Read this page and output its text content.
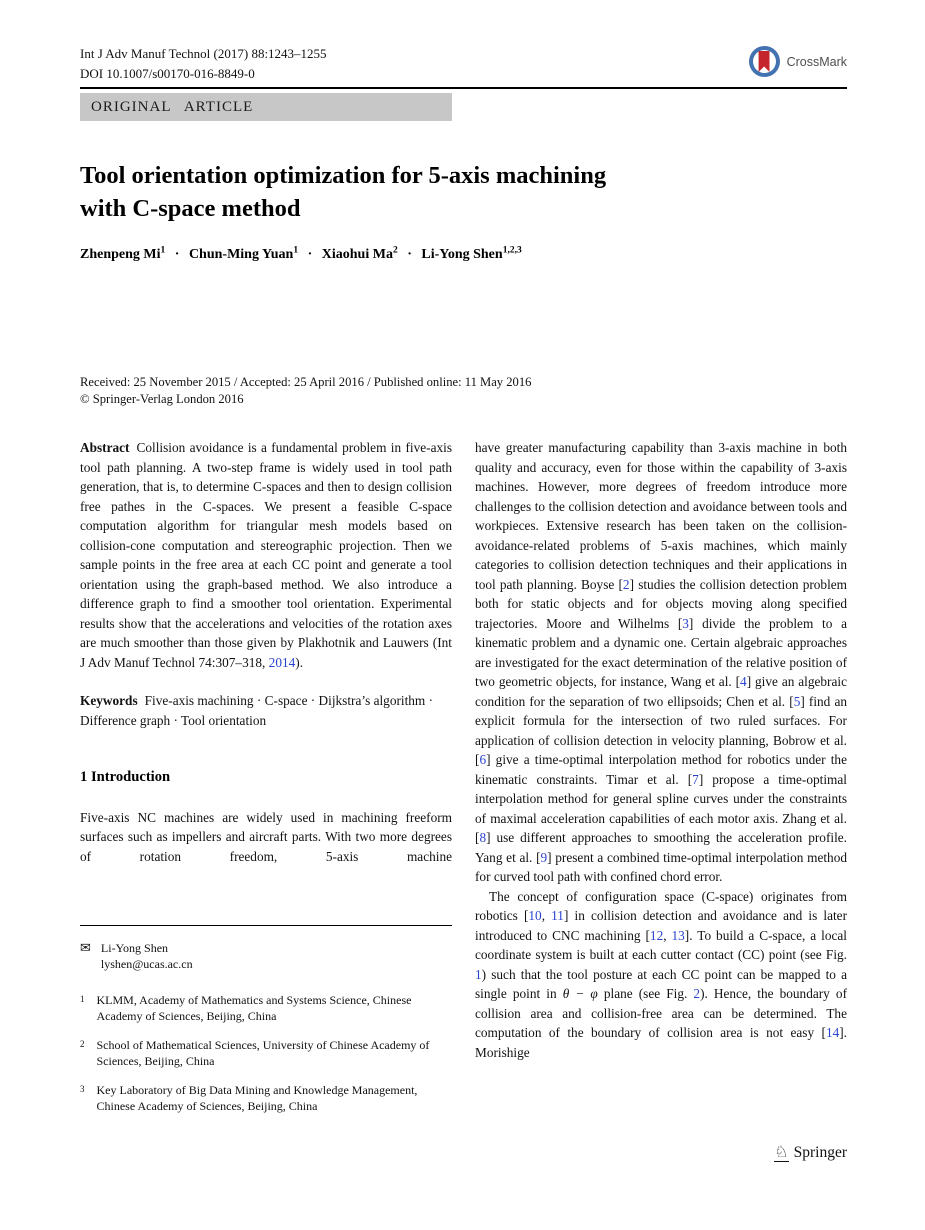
Int J Adv Manuf Technol (2017) 88:1243–1255
DOI 10.1007/s00170-016-8849-0
CrossMark
ORIGINAL ARTICLE
Tool orientation optimization for 5-axis machining
with C-space method
Zhenpeng $Mi^1$ · Chun-Ming Yuan$^1$ · Xiaohui $Ma^2$ · Li-Yong Shen$^{1,2,3}$
Received: 25 November 2015 / Accepted: 25 April 2016 / Published online: 11 May 2016
© Springer-Verlag London 2016

Abstract Collision avoidance is a fundamental problem in five-axis tool path planning. A two-step frame is widely used in tool path generation, that is, to determine C-spaces and then to design collision free pathes in the C-spaces. We present a feasible C-space computation algorithm for triangular mesh models based on collision-cone computation and stereographic projection. Then we sample points in the free area at each CC point and generate a tool orientation using the graph-based method. We also introduce a difference graph to find a smoother tool orientation. Experimental results show that the accelerations and velocities of the rotation axes are much smoother than those given by Plakhotnik and Lauwers (Int J Adv Manuf Technol 74:307–318, 2014).

Keywords Five-axis machining · C-space · Dijkstra’s algorithm · Difference graph · Tool orientation

1 Introduction

Five-axis NC machines are widely used in machining freeform surfaces such as impellers and aircraft parts. With two more degrees of rotation freedom, 5-axis machine

✉ Li-Yong Shen
lyshen@ucas.ac.cn
1 KLMM, Academy of Mathematics and Systems Science, Chinese Academy of Sciences, Beijing, China
2 School of Mathematical Sciences, University of Chinese Academy of Sciences, Beijing, China
3 Key Laboratory of Big Data Mining and Knowledge Management, Chinese Academy of Sciences, Beijing, China

have greater manufacturing capability than 3-axis machine in both quality and accuracy, even for those within the capability of 3-axis machines. However, more degrees of freedom introduce more challenges to the collision detection and avoidance between tools and workpieces. Extensive research has been taken on the collision-avoidance-related problems of 5-axis machines, which mainly categories to collision detection techniques and their applications in tool path planning. Boyse [2] studies the collision detection problem both for static objects and for objects moving along specified trajectories. Moore and Wilhelms [3] divide the problem to a kinematic problem and a dynamic one. Certain algebraic approaches are investigated for the exact determination of the relative position of two geometric objects, for instance, Wang et al. [4] give an algebraic condition for the separation of two ellipsoids; Chen et al. [5] find an explicit formula for the intersection of two ruled surfaces. For application of collision detection in velocity planning, Bobrow et al. [6] give a time-optimal interpolation method for robotics under the kinematic constraints. Timar et al. [7] propose a time-optimal interpolation method for general spline curves under the constraints of maximal acceleration capabilities of each motor axis. Zhang et al. [8] use different approaches to smoothing the acceleration profile. Yang et al. [9] present a combined time-optimal interpolation method for curved tool path with confined chord error.

The concept of configuration space (C-space) originates from robotics [10, 11] in collision detection and avoidance and is later introduced to CNC machining [12, 13]. To build a C-space, a local coordinate system is built at each cutter contact (CC) point (see Fig. 1) such that the tool posture at each CC point can be mapped to a single point in θ − φ plane (see Fig. 2). Hence, the boundary of collision area and collision-free area can be determined. The computation of the boundary of collision area is not easy [14]. Morishige

♘ Springer
